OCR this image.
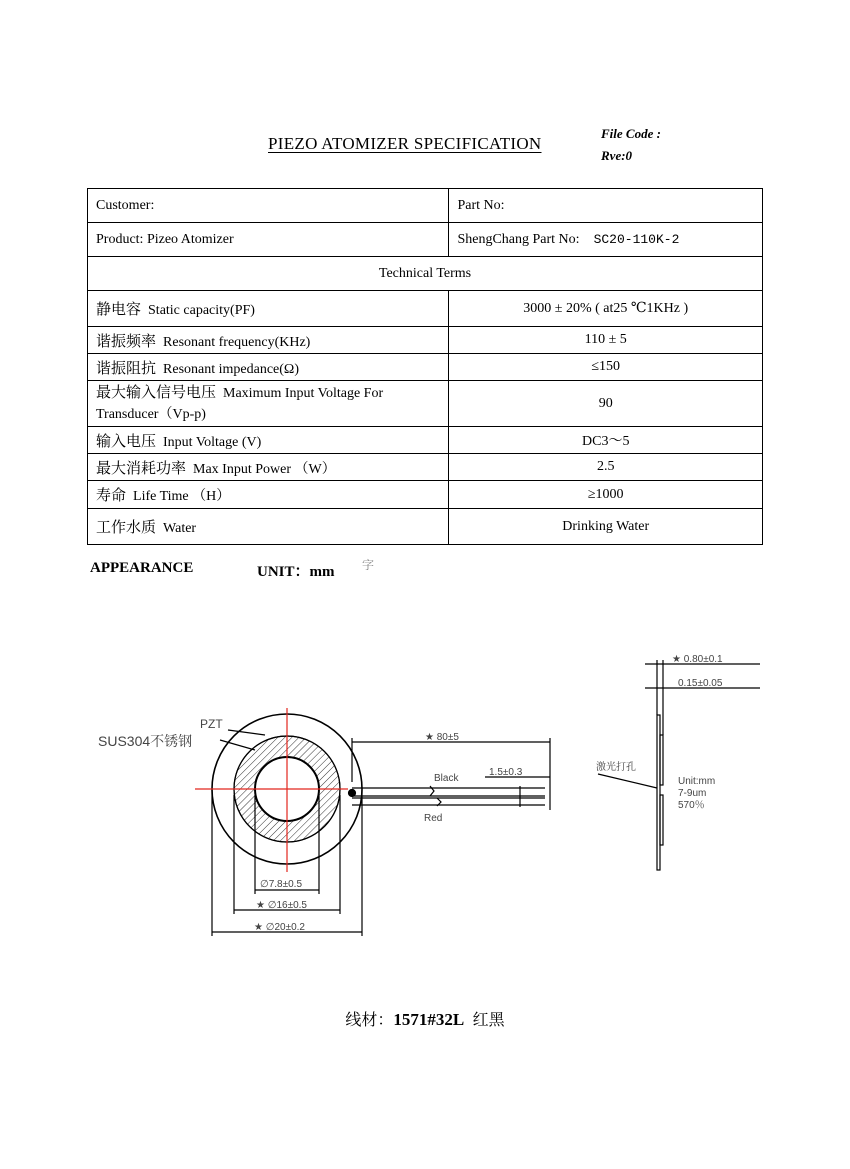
PIEZO ATOMIZER SPECIFICATION
File Code :
Rve:0
Customer:	Part No:
Product: Pizeo Atomizer	ShengChang Part No: SC20-110K-2
Technical Terms	
静电容 Static capacity(PF)	3000 ± 20% ( at25 ℃1KHz )
谐振频率 Resonant frequency(KHz)	110 ± 5
谐振阻抗 Resonant impedance(Ω)	≤150
最大输入信号电压 Maximum Input Voltage For
Transducer（Vp-p)	90
输入电压 Input Voltage (V)	DC3～5
最大消耗功率 Max Input Power （W）	2.5
寿命 Life Time （H）	≥1000
工作水质 Water	Drinking Water
APPEARANCE	UNIT：mm 字
PZT
SUS304不锈钢	★ 80±5
Black
1.5±0.3
Red
∅7.8±0.5
★ ∅16±0.5
★ ∅20±0.2
★ 0.80±0.1
0.15±0.05
激光打孔
Unit:mm
7-9um
570％
线材：1571#32L 红黑
